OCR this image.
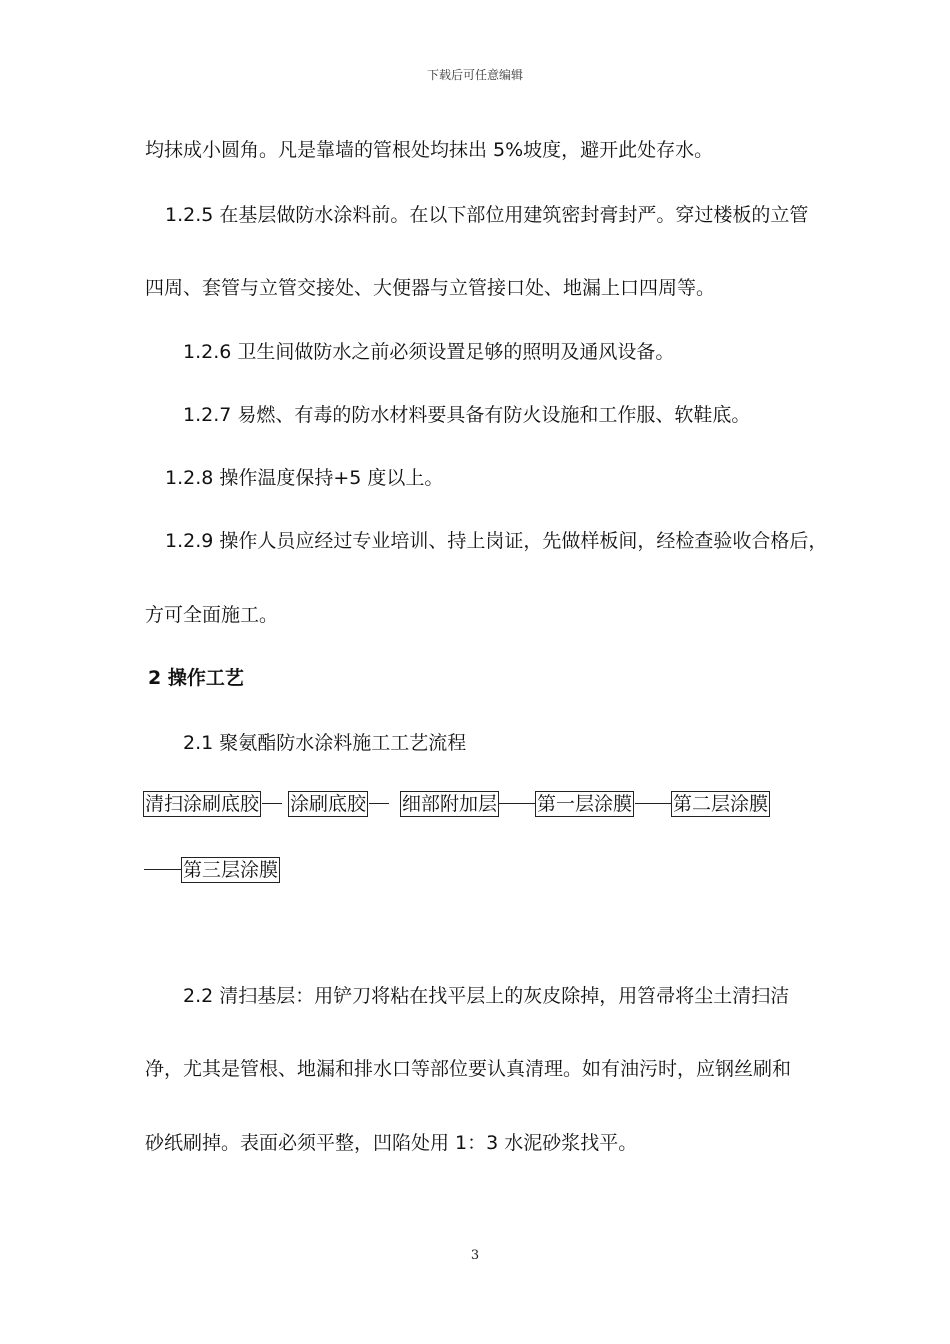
下载后可任意编辑
均抹成小圆角。凡是靠墙的管根处均抹出 5%坡度，避开此处存水。
1.2.5 在基层做防水涂料前。在以下部位用建筑密封膏封严。穿过楼板的立管
四周、套管与立管交接处、大便器与立管接口处、地漏上口四周等。
1.2.6 卫生间做防水之前必须设置足够的照明及通风设备。
1.2.7 易燃、有毒的防水材料要具备有防火设施和工作服、软鞋底。
1.2.8 操作温度保持+5 度以上。
1.2.9 操作人员应经过专业培训、持上岗证，先做样板间，经检查验收合格后，
方可全面施工。
2 操作工艺
2.1 聚氨酯防水涂料施工工艺流程
清扫涂刷底胶 涂刷底胶 细部附加层 第一层涂膜 第二层涂膜
第三层涂膜
2.2 清扫基层：用铲刀将粘在找平层上的灰皮除掉，用笤帚将尘土清扫洁
净，尤其是管根、地漏和排水口等部位要认真清理。如有油污时，应钢丝刷和
砂纸刷掉。表面必须平整，凹陷处用 1：3 水泥砂浆找平。
3
